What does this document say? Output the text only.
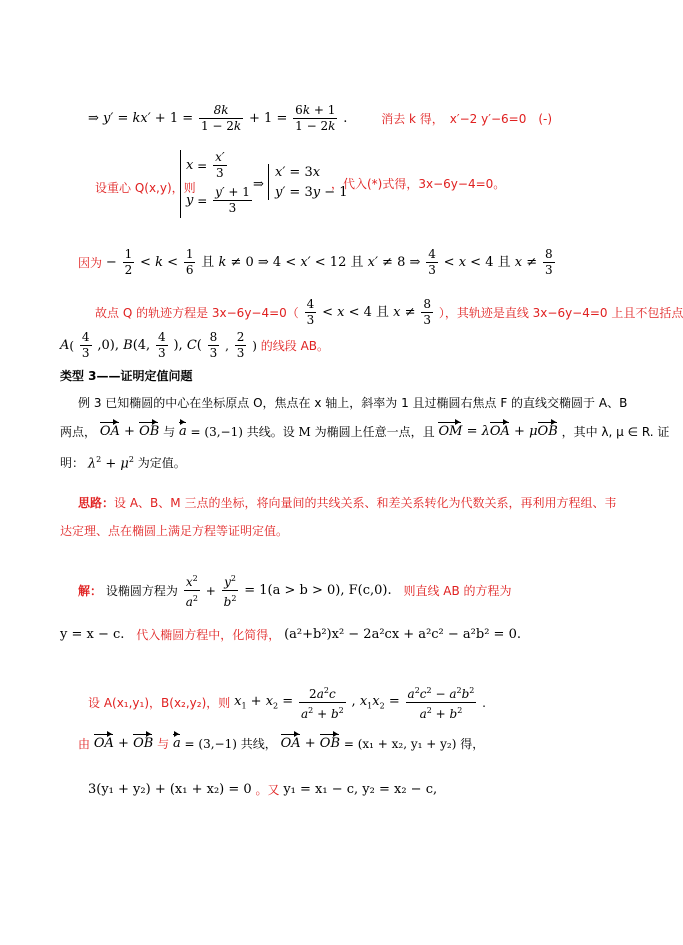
⇒ $y' = kx' + 1 = \frac{8k}{1 - 2k} + 1 = \frac{6k + 1}{1 - 2k}$ .	消去 k 得，　x′−2 y′−6=0　(-)
设重心 Q(x,y)，则
$x = \frac{x'}{3}$
$y = \frac{y' + 1}{3}$
⇒
x′ = 3x
y′ = 3y − 1
，代入(*)式得，3x−6y−4=0。
因为 − $\frac{1}{2} < k < \frac{1}{6}$ 且 k ≠ 0 ⇒ 4 < x′ < 12 且 x′ ≠ 8 ⇒ $\frac{4}{3} < x < 4$ 且 $x \ne \frac{8}{3}$
故点 Q 的轨迹方程是 $3x-6y-4=0( \frac{4}{3} < x < 4$ 且 $x \ne \frac{8}{3}$ ），其轨迹是直线 3x−6y−4=0 上且不包括点
$A( \frac{4}{3} ,0)$, B(4, $\frac{4}{3}$ ), $C( \frac{8}{3}$ , $\frac{2}{3}$ ) 的线段 AB。
类型 3——证明定值问题
例 3 已知椭圆的中心在坐标原点 O，焦点在 x 轴上，斜率为 1 且过椭圆右焦点 F 的直线交椭圆于 A、B
两点， OA + OB 与 a = (3,−1) 共线。设 M 为椭圆上任意一点，且 OM = λOA + μOB ，其中 λ, μ ∈ R. 证
明： $\lambda^2 + \mu^2$ 为定值。
思路：设 A、B、M 三点的坐标，将向量间的共线关系、和差关系转化为代数关系，再利用方程组、韦
达定理、点在椭圆上满足方程等证明定值。
解： 设椭圆方程为 $\frac{x^2}{a^2} + \frac{y^2}{b^2} = 1(a > b > 0)$, F(c,0). 则直线 AB 的方程为
y = x − c. 代入椭圆方程中，化简得， (a²+b²)x² − 2a²cx + a²c² − a²b² = 0.
设 A(x₁,y₁)，B(x₂,y₂)，则 $x_1 + x_2 = \frac{2a^2c}{a^2 + b^2}$ , $x_1x_2 = \frac{a^2c^2 - a^2b^2}{a^2 + b^2}$ .
由 OA + OB 与 a = (3,−1) 共线， OA + OB = (x₁ + x₂, y₁ + y₂) 得，
3(y₁ + y₂) + (x₁ + x₂) = 0 。又 y₁ = x₁ − c, y₂ = x₂ − c,
